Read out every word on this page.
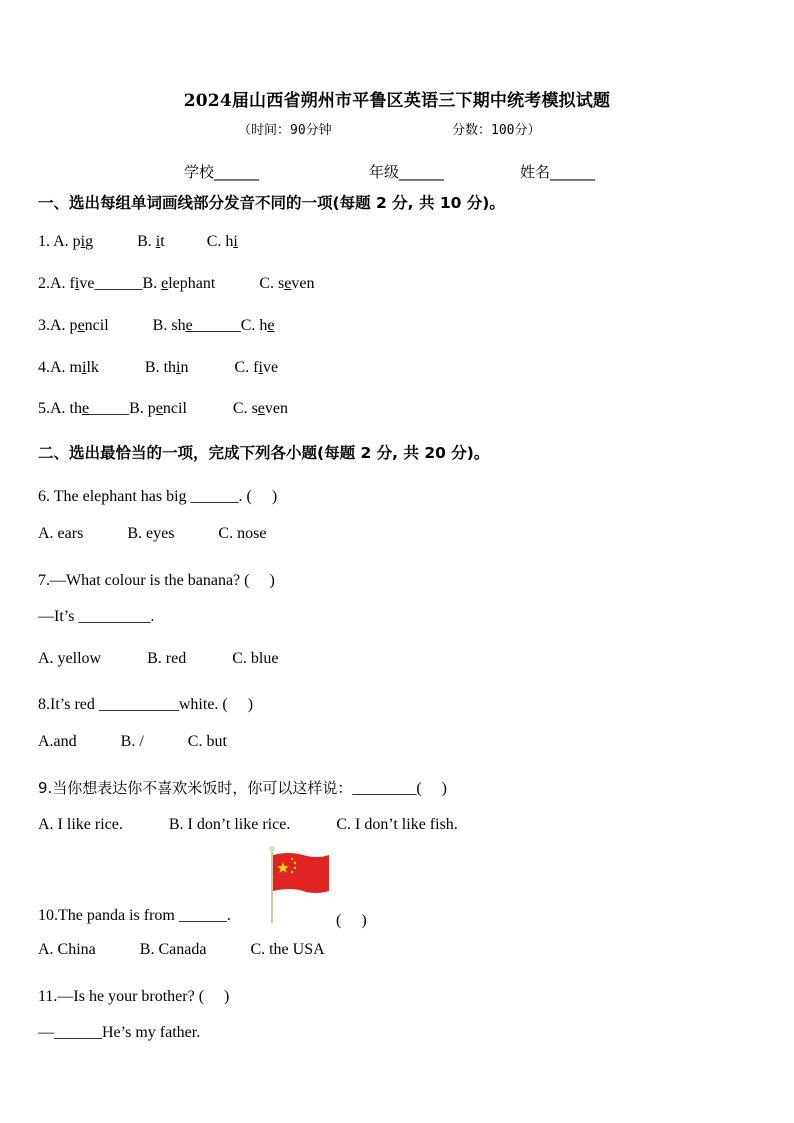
2024届山西省朔州市平鲁区英语三下期中统考模拟试题
（时间：90分钟	分数：100分）
学校______	年级______	姓名______
一、选出每组单词画线部分发音不同的一项(每题 2 分, 共 10 分)。
1. A. pig	B. it	C. hi
2.A. five______B. elephant	C. seven
3.A. pencil	B. she______C. he
4.A. milk	B. thin	C. five
5.A. the_____B. pencil	C. seven
二、选出最恰当的一项，完成下列各小题(每题 2 分, 共 20 分)。
6. The elephant has big ______. (　 )
A. ears	B. eyes	C. nose
7.—What colour is the banana? (　 )
—It’s _________.
A. yellow	B. red	C. blue
8.It’s red __________white. (　 )
A.and	B. /	C. but
9.当你想表达你不喜欢米饭时，你可以这样说：________(　 )
A. I like rice.	B. I don’t like rice.	C. I don’t like fish.
10.The panda is from ______.	(　 )
A. China	B. Canada	C. the USA
11.—Is he your brother? (　 )
—______He’s my father.
